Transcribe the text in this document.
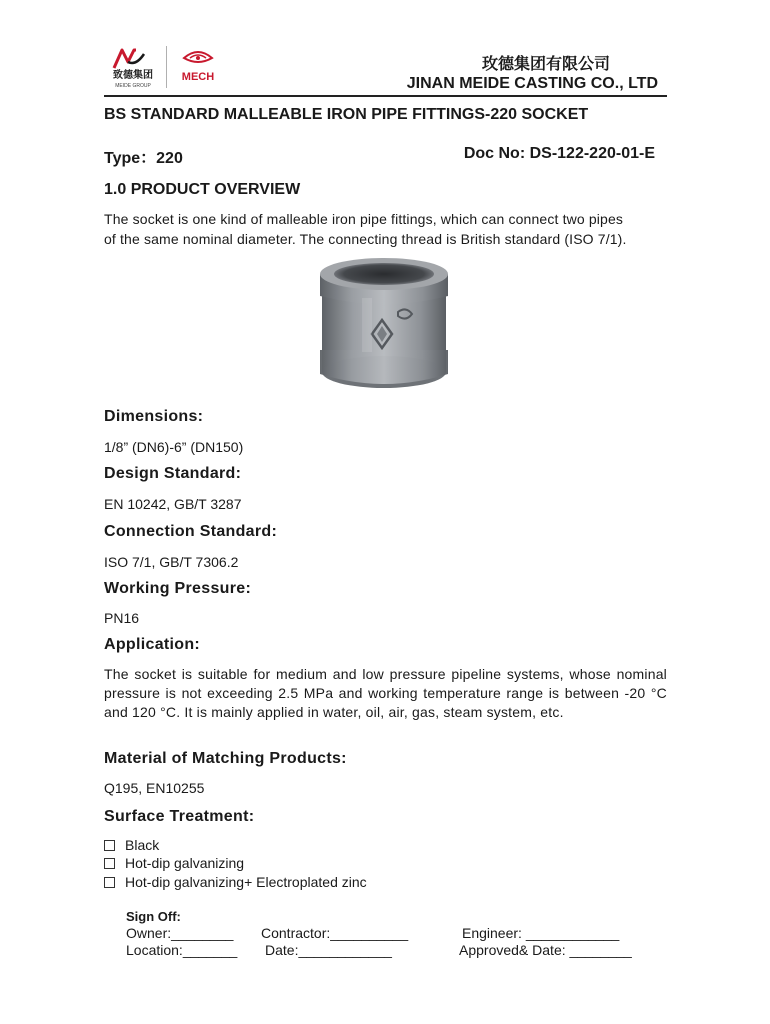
致德集团
MEIDE GROUP
MECH
玫德集团有限公司
JINAN MEIDE CASTING CO., LTD
BS STANDARD MALLEABLE IRON PIPE FITTINGS-220 SOCKET
Type：220	Doc No: DS-122-220-01-E
1.0 PRODUCT OVERVIEW
The socket is one kind of malleable iron pipe fittings, which can connect two pipes
of the same nominal diameter. The connecting thread is British standard (ISO 7/1).
Dimensions:
1/8” (DN6)-6” (DN150)
Design Standard:
EN 10242, GB/T 3287
Connection Standard:
ISO 7/1, GB/T 7306.2
Working Pressure:
PN16
Application:
The socket is suitable for medium and low pressure pipeline systems, whose nominal pressure is not exceeding 2.5 MPa and working temperature range is between -20 °C and 120 °C. It is mainly applied in water, oil, air, gas, steam system, etc.
Material of Matching Products:
Q195, EN10255
Surface Treatment:
Black
Hot-dip galvanizing
Hot-dip galvanizing+ Electroplated zinc
Sign Off:
Owner:________ Contractor:__________	Engineer: ____________
Location:_______ Date:____________	Approved& Date: ________
